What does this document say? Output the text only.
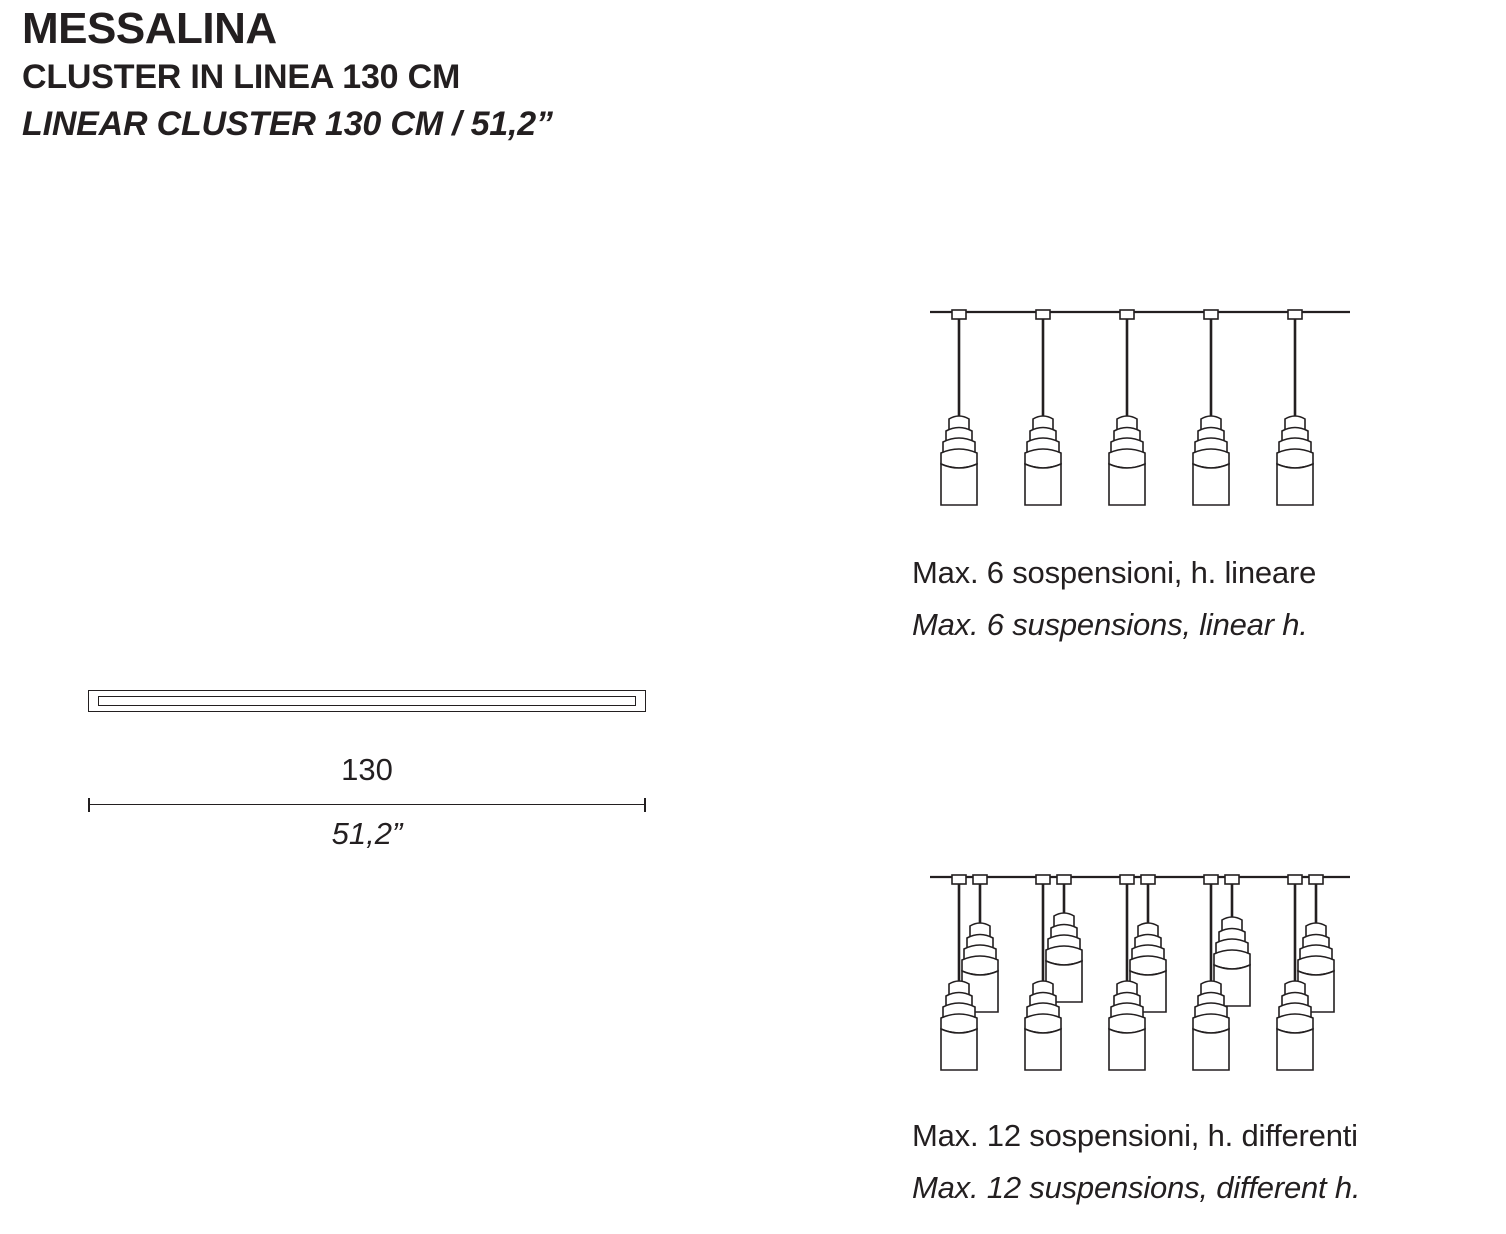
MESSALINA
CLUSTER IN LINEA 130 CM
LINEAR CLUSTER 130 CM / 51,2”
130
51,2”
Max. 6 sospensioni, h. lineare
Max. 6 suspensions, linear h.
Max. 12 sospensioni, h. differenti
Max. 12 suspensions, different h.
